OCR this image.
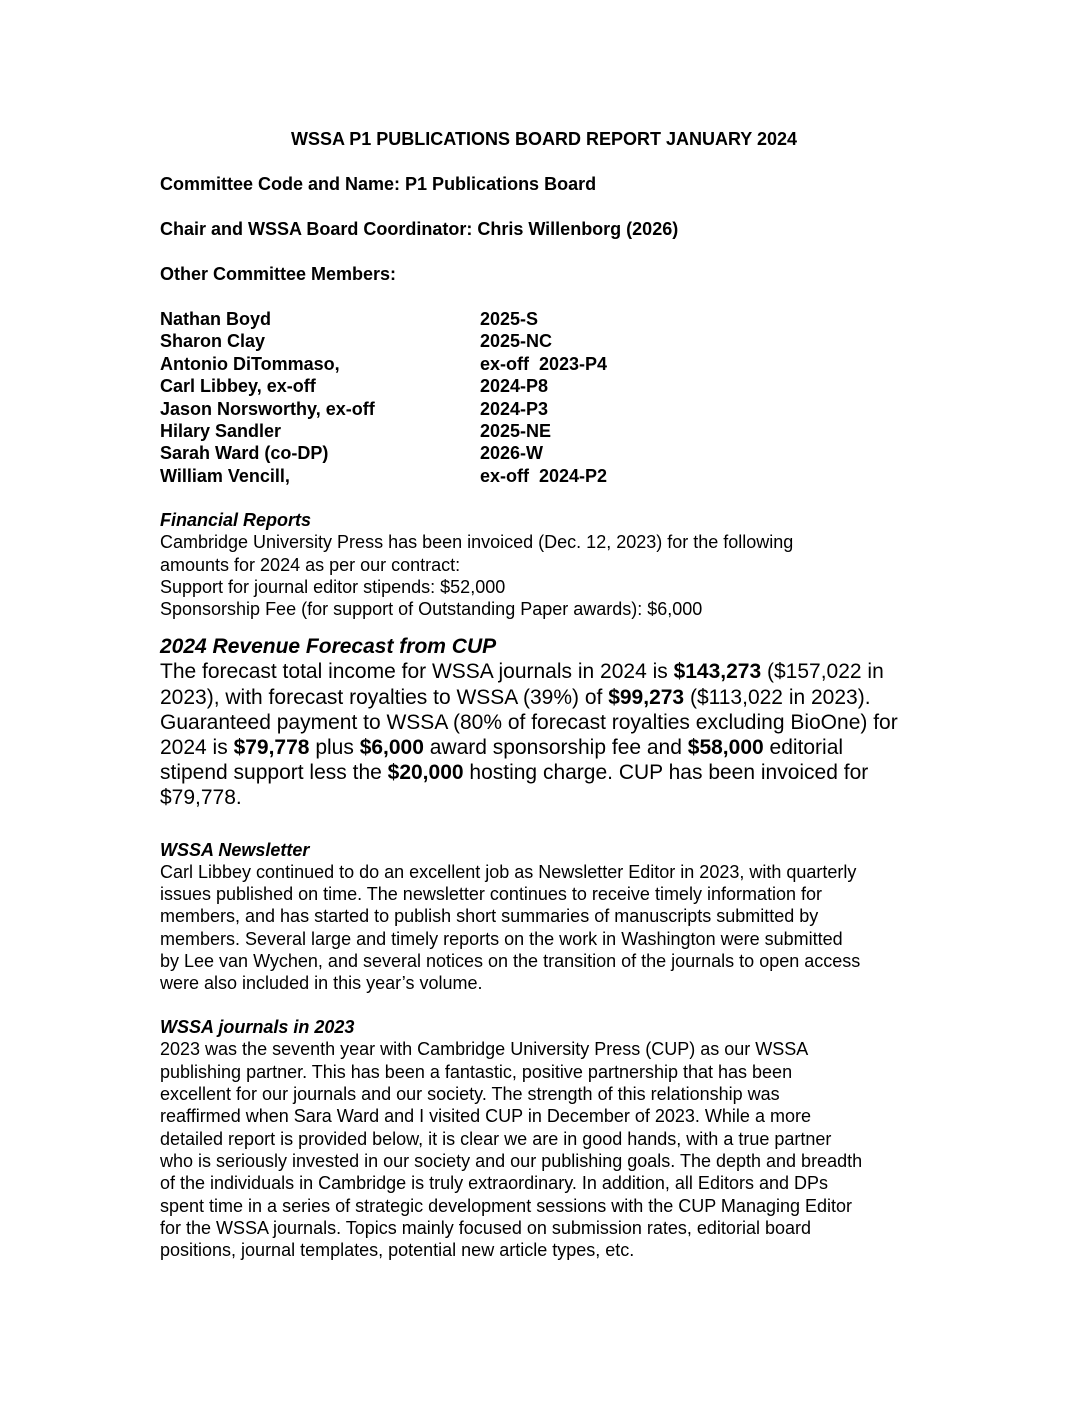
WSSA P1 PUBLICATIONS BOARD REPORT JANUARY 2024

Committee Code and Name: P1 Publications Board

Chair and WSSA Board Coordinator: Chris Willenborg (2026)

Other Committee Members:

Nathan Boyd	2025-S
Sharon Clay	2025-NC
Antonio DiTommaso,	ex-off  2023-P4
Carl Libbey, ex-off	2024-P8
Jason Norsworthy, ex-off	2024-P3
Hilary Sandler	2025-NE
Sarah Ward (co-DP)	2026-W
William Vencill,	ex-off  2024-P2

Financial Reports

Cambridge University Press has been invoiced (Dec. 12, 2023) for the following

amounts for 2024 as per our contract:

Support for journal editor stipends: $52,000

Sponsorship Fee (for support of Outstanding Paper awards): $6,000

2024 Revenue Forecast from CUP

The forecast total income for WSSA journals in 2024 is $143,273 ($157,022 in

2023), with forecast royalties to WSSA (39%) of $99,273 ($113,022 in 2023).

Guaranteed payment to WSSA (80% of forecast royalties excluding BioOne) for

2024 is $79,778 plus $6,000 award sponsorship fee and $58,000 editorial

stipend support less the $20,000 hosting charge. CUP has been invoiced for

$79,778.

WSSA Newsletter

Carl Libbey continued to do an excellent job as Newsletter Editor in 2023, with quarterly

issues published on time. The newsletter continues to receive timely information for

members, and has started to publish short summaries of manuscripts submitted by

members. Several large and timely reports on the work in Washington were submitted

by Lee van Wychen, and several notices on the transition of the journals to open access

were also included in this year’s volume.

WSSA journals in 2023

2023 was the seventh year with Cambridge University Press (CUP) as our WSSA

publishing partner. This has been a fantastic, positive partnership that has been

excellent for our journals and our society. The strength of this relationship was

reaffirmed when Sara Ward and I visited CUP in December of 2023. While a more

detailed report is provided below, it is clear we are in good hands, with a true partner

who is seriously invested in our society and our publishing goals. The depth and breadth

of the individuals in Cambridge is truly extraordinary. In addition, all Editors and DPs

spent time in a series of strategic development sessions with the CUP Managing Editor

for the WSSA journals. Topics mainly focused on submission rates, editorial board

positions, journal templates, potential new article types, etc.
